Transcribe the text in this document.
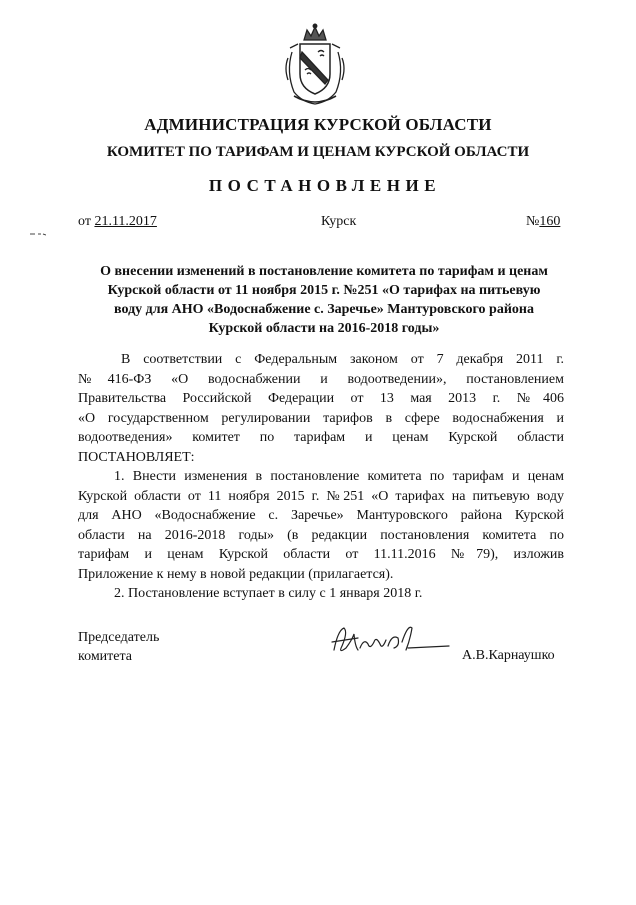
АДМИНИСТРАЦИЯ КУРСКОЙ ОБЛАСТИ
КОМИТЕТ ПО ТАРИФАМ И ЦЕНАМ КУРСКОЙ ОБЛАСТИ
ПОСТАНОВЛЕНИЕ
от 21.11.2017	Курск	№160
О внесении изменений в постановление комитета по тарифам и ценам
Курской области от 11 ноября 2015 г. №251 «О тарифах на питьевую
воду для АНО «Водоснабжение с. Заречье» Мантуровского района
Курской области на 2016-2018 годы»
В соответствии с Федеральным законом от 7 декабря 2011 г.
№416-ФЗ «О водоснабжении и водоотведении», постановлением
Правительства Российской Федерации от 13 мая 2013 г. №406
«О государственном регулировании тарифов в сфере водоснабжения и
водоотведения» комитет по тарифам и ценам Курской области
ПОСТАНОВЛЯЕТ:
1. Внести изменения в постановление комитета по тарифам и ценам
Курской области от 11 ноября 2015 г. №251 «О тарифах на питьевую воду
для АНО «Водоснабжение с. Заречье» Мантуровского района Курской
области на 2016-2018 годы» (в редакции постановления комитета по
тарифам и ценам Курской области от 11.11.2016 №79), изложив
Приложение к нему в новой редакции (прилагается).
2. Постановление вступает в силу с 1 января 2018 г.
Председатель
комитета	А.В.Карнаушко
